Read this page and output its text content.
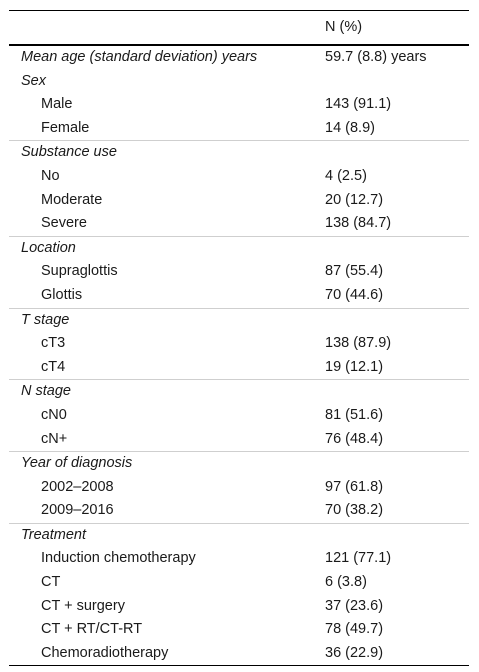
N (%)
Mean age (standard deviation) years	59.7 (8.8) years
Sex
Male	143 (91.1)
Female	14 (8.9)
Substance use
No	4 (2.5)
Moderate	20 (12.7)
Severe	138 (84.7)
Location
Supraglottis	87 (55.4)
Glottis	70 (44.6)
T stage
cT3	138 (87.9)
cT4	19 (12.1)
N stage
cN0	81 (51.6)
cN+	76 (48.4)
Year of diagnosis
2002–2008	97 (61.8)
2009–2016	70 (38.2)
Treatment
Induction chemotherapy	121 (77.1)
CT	6 (3.8)
CT + surgery	37 (23.6)
CT + RT/CT-RT	78 (49.7)
Chemoradiotherapy	36 (22.9)
